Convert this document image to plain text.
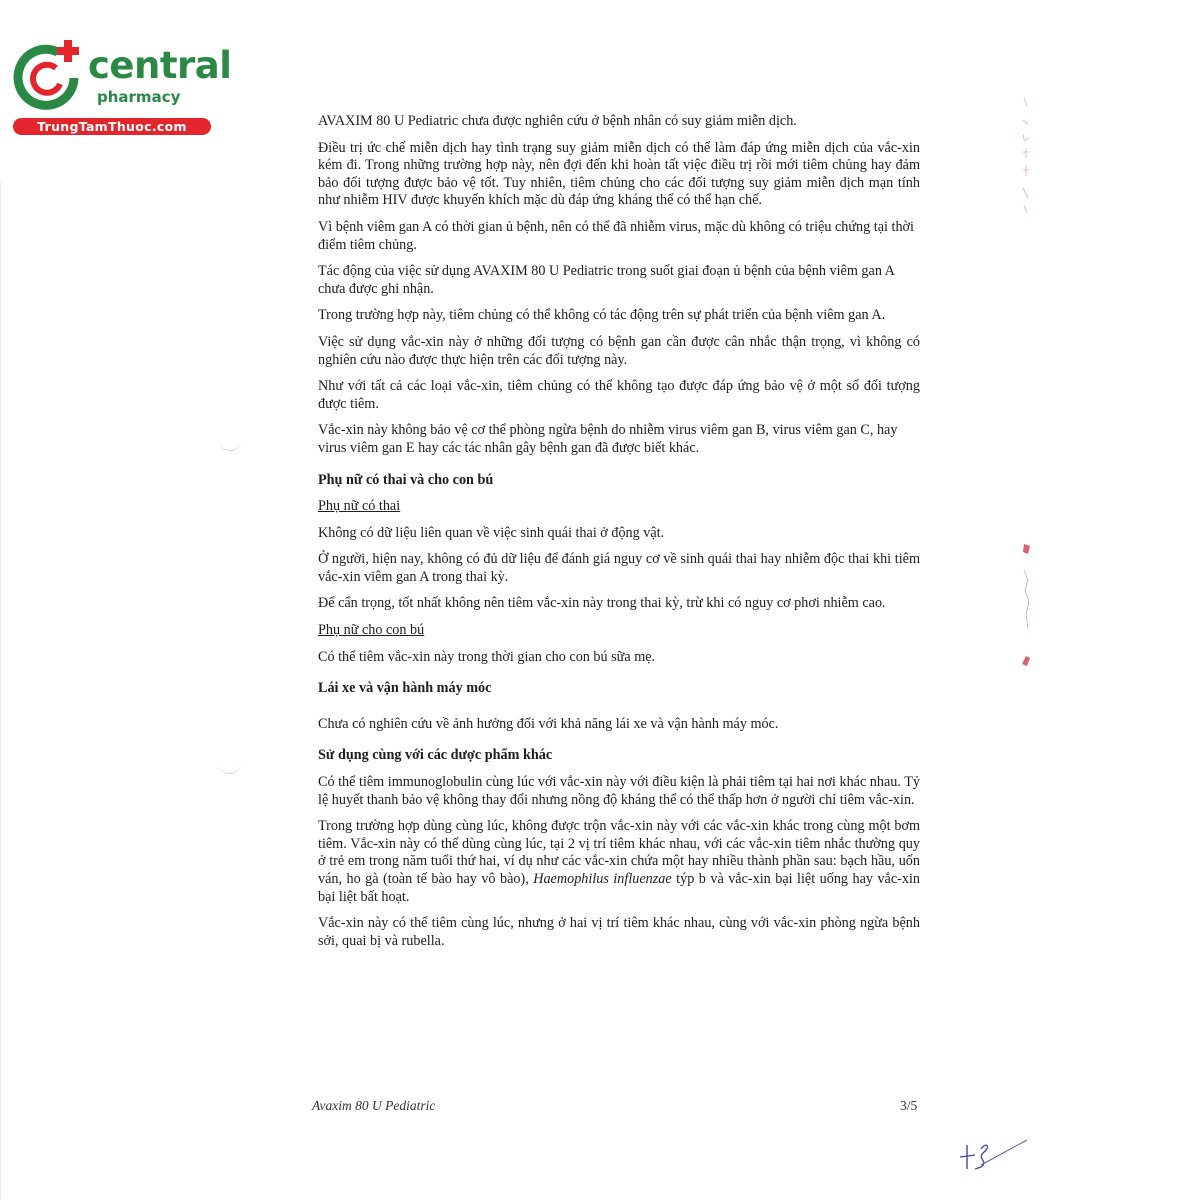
central
pharmacy
TrungTamThuoc.com	AVAXIM 80 U Pediatric chưa được nghiên cứu ở bệnh nhân có suy giảm miễn dịch.

Điều trị ức chế miễn dịch hay tình trạng suy giảm miễn dịch có thể làm đáp ứng miễn dịch của vắc-xin kém đi. Trong những trường hợp này, nên đợi đến khi hoàn tất việc điều trị rồi mới tiêm chủng hay đảm bảo đối tượng được bảo vệ tốt. Tuy nhiên, tiêm chủng cho các đối tượng suy giảm miễn dịch mạn tính như nhiễm HIV được khuyến khích mặc dù đáp ứng kháng thể có thể hạn chế.

Vì bệnh viêm gan A có thời gian ủ bệnh, nên có thể đã nhiễm virus, mặc dù không có triệu chứng tại thời điểm tiêm chủng.

Tác động của việc sử dụng AVAXIM 80 U Pediatric trong suốt giai đoạn ủ bệnh của bệnh viêm gan A chưa được ghi nhận.

Trong trường hợp này, tiêm chủng có thể không có tác động trên sự phát triển của bệnh viêm gan A.

Việc sử dụng vắc-xin này ở những đối tượng có bệnh gan cần được cân nhắc thận trọng, vì không có nghiên cứu nào được thực hiện trên các đối tượng này.

Như với tất cả các loại vắc-xin, tiêm chủng có thể không tạo được đáp ứng bảo vệ ở một số đối tượng được tiêm.

Vắc-xin này không bảo vệ cơ thể phòng ngừa bệnh do nhiễm virus viêm gan B, virus viêm gan C, hay virus viêm gan E hay các tác nhân gây bệnh gan đã được biết khác.

Phụ nữ có thai và cho con bú
Phụ nữ có thai

Không có dữ liệu liên quan về việc sinh quái thai ở động vật.

Ở người, hiện nay, không có đủ dữ liệu để đánh giá nguy cơ về sinh quái thai hay nhiễm độc thai khi tiêm vắc-xin viêm gan A trong thai kỳ.

Để cẩn trọng, tốt nhất không nên tiêm vắc-xin này trong thai kỳ, trừ khi có nguy cơ phơi nhiễm cao.

Phụ nữ cho con bú

Có thể tiêm vắc-xin này trong thời gian cho con bú sữa mẹ.

Lái xe và vận hành máy móc

Chưa có nghiên cứu về ảnh hưởng đối với khả năng lái xe và vận hành máy móc.

Sử dụng cùng với các dược phẩm khác

Có thể tiêm immunoglobulin cùng lúc với vắc-xin này với điều kiện là phải tiêm tại hai nơi khác nhau. Tỷ lệ huyết thanh bảo vệ không thay đổi nhưng nồng độ kháng thể có thể thấp hơn ở người chỉ tiêm vắc-xin.

Trong trường hợp dùng cùng lúc, không được trộn vắc-xin này với các vắc-xin khác trong cùng một bơm tiêm. Vắc-xin này có thể dùng cùng lúc, tại 2 vị trí tiêm khác nhau, với các vắc-xin tiêm nhắc thường quy ở trẻ em trong năm tuổi thứ hai, ví dụ như các vắc-xin chứa một hay nhiều thành phần sau: bạch hầu, uốn ván, ho gà (toàn tế bào hay vô bào), Haemophilus influenzae týp b và vắc-xin bại liệt uống hay vắc-xin bại liệt bất hoạt.

Vắc-xin này có thể tiêm cùng lúc, nhưng ở hai vị trí tiêm khác nhau, cùng với vắc-xin phòng ngừa bệnh sởi, quai bị và rubella.

Avaxim 80 U Pediatric	3/5
